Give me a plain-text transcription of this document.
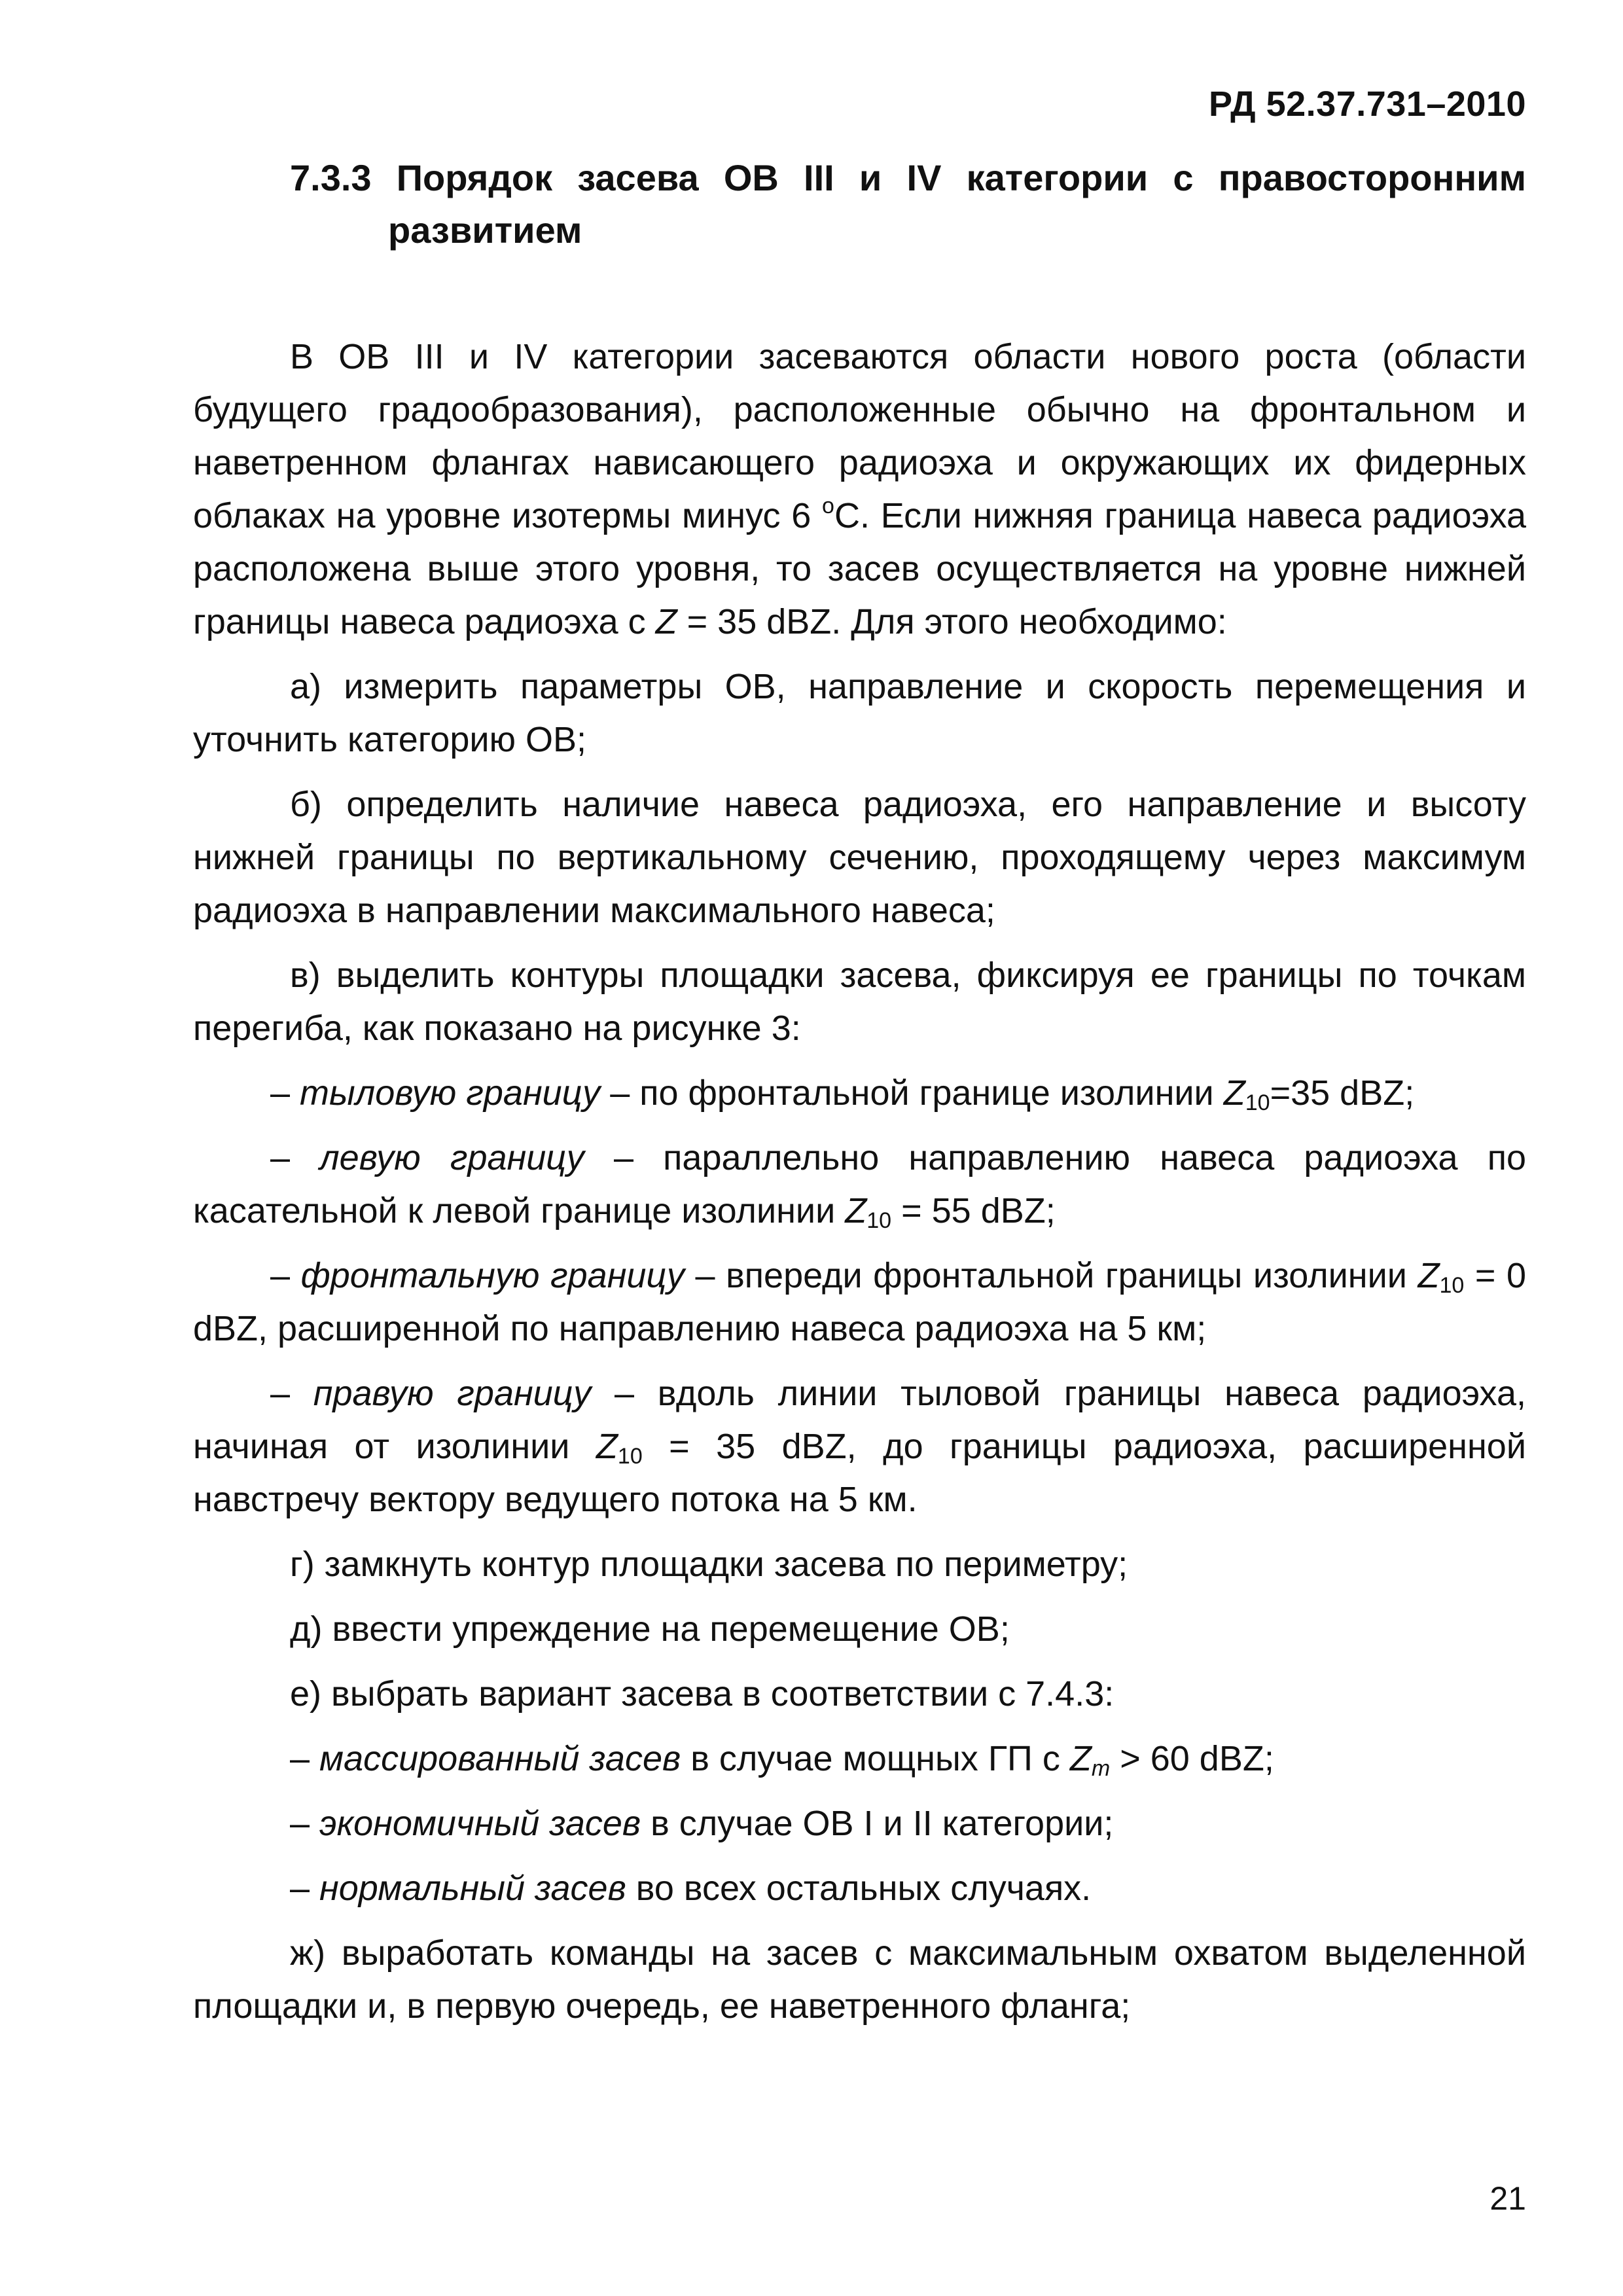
РД 52.37.731–2010
7.3.3 Порядок засева ОВ III и IV категории с правосторонним
развитием

В ОВ III и IV категории засеваются области нового роста (области будущего градообразования), расположенные обычно на фронтальном и наветренном флангах нависающего радиоэха и окружающих их фидерных облаках на уровне изотермы минус 6 $^о$С. Если нижняя граница навеса радиоэха расположена выше этого уровня, то засев осуществляется на уровне нижней границы навеса радиоэха с Z = 35 dBZ. Для этого необходимо:

а) измерить параметры ОВ, направление и скорость перемещения и уточнить категорию ОВ;

б) определить наличие навеса радиоэха, его направление и высоту нижней границы по вертикальному сечению, проходящему через максимум радиоэха в направлении максимального навеса;

в) выделить контуры площадки засева, фиксируя ее границы по точкам перегиба, как показано на рисунке 3:

– тыловую границу – по фронтальной границе изолинии $Z_{10}=35$ dBZ;

– левую границу – параллельно направлению навеса радиоэха по касательной к левой границе изолинии $Z_{10} = 55$ dBZ;

– фронтальную границу – впереди фронтальной границы изолинии $Z_{10} = 0$ dBZ, расширенной по направлению навеса радиоэха на 5 км;

– правую границу – вдоль линии тыловой границы навеса радиоэха, начиная от изолинии $Z_{10} = 35$ dBZ, до границы радиоэха, расширенной навстречу вектору ведущего потока на 5 км.

г) замкнуть контур площадки засева по периметру;

д) ввести упреждение на перемещение ОВ;

е) выбрать вариант засева в соответствии с 7.4.3:

– массированный засев в случае мощных ГП с $Z_m > 60$ dBZ;

– экономичный засев в случае ОВ I и II категории;

– нормальный засев во всех остальных случаях.

ж) выработать команды на засев с максимальным охватом выделенной площадки и, в первую очередь, ее наветренного фланга;

21
